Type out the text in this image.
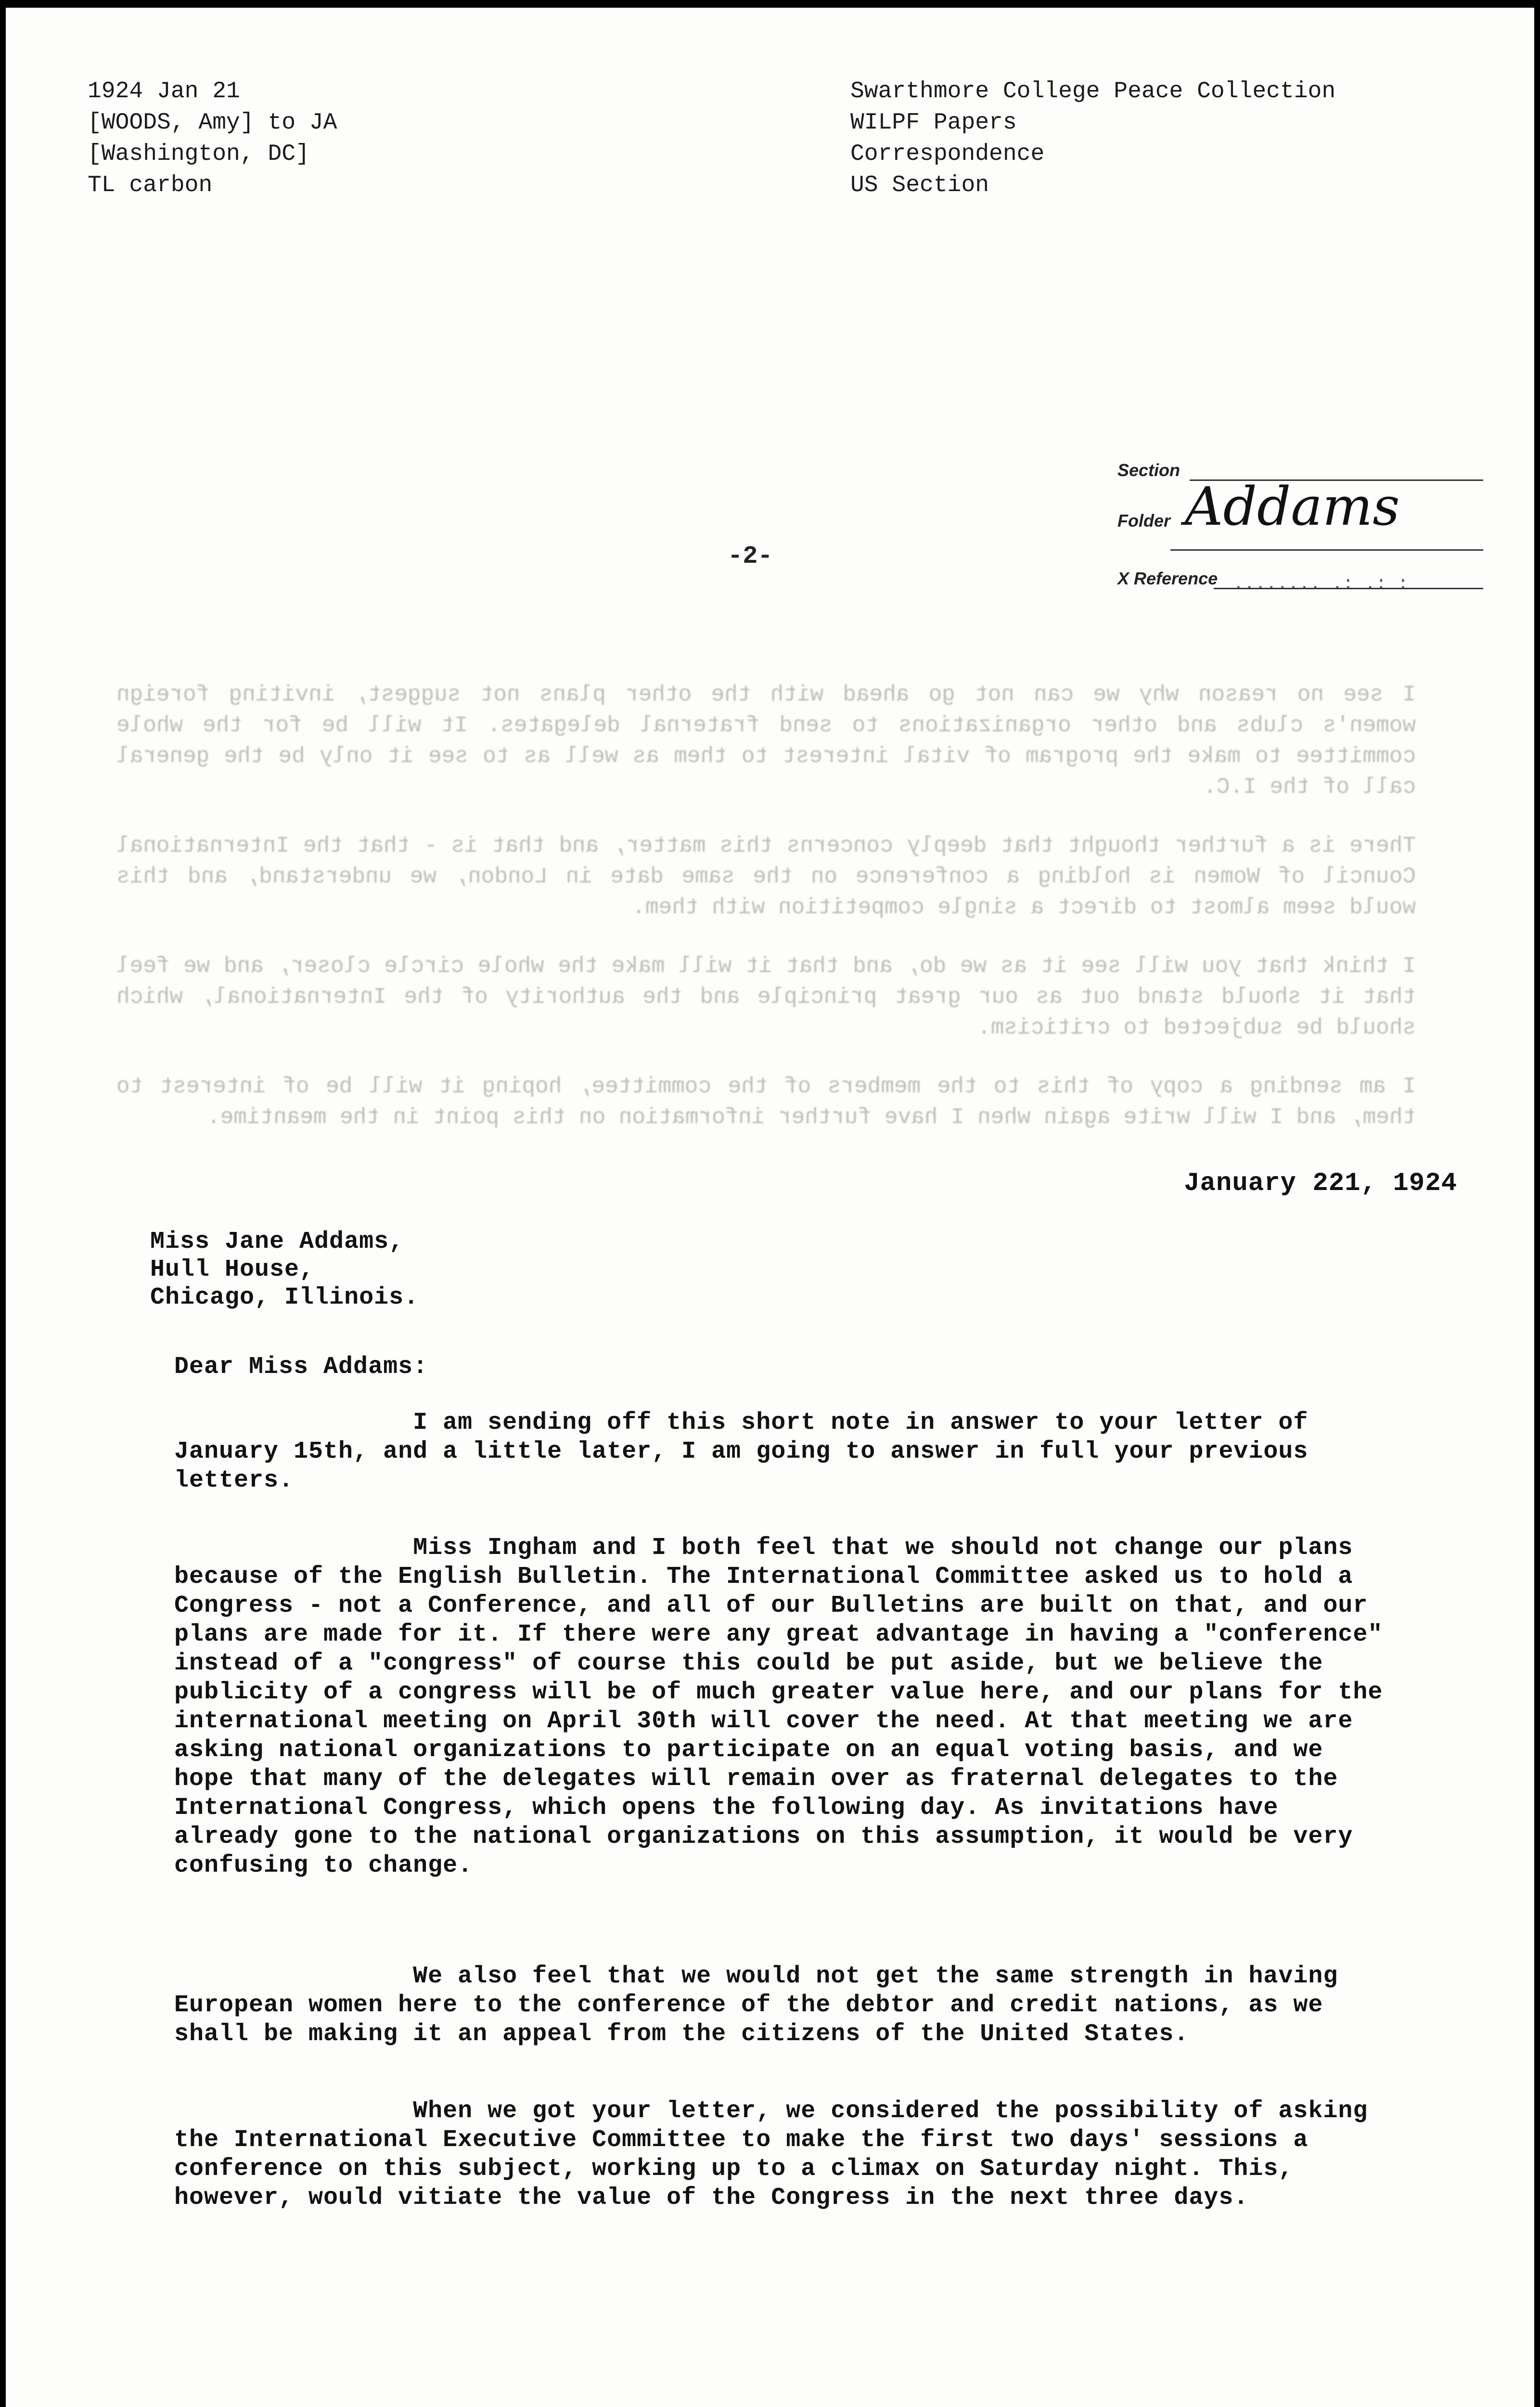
1924 Jan 21
[WOODS, Amy] to JA
[Washington, DC]
TL carbon
Swarthmore College Peace Collection
WILPF Papers
Correspondence
US Section

I see no reason why we can not go ahead with the other plans not suggest, inviting foreign women's clubs and other organizations to send fraternal delegates. It will be for the whole committee to make the program of vital interest to them as well as to see it only be the general call of the I.C.

There is a further thought that deeply concerns this matter, and that is - that the International Council of Women is holding a conference on the same date in London, we understand, and this would seem almost to direct a single competition with them.

I think that you will see it as we do, and that it will make the whole circle closer, and we feel that it should stand out as our great principle and the authority of the International, which should be subjected to criticism.

I am sending a copy of this to the members of the committee, hoping it will be of interest to them, and I will write again when I have further information on this point in the meantime.

Section
Folder Addams
X Reference ........ .: .: :
-2-
January 221, 1924
Miss Jane Addams,
Hull House,
Chicago, Illinois.
Dear Miss Addams:
I am sending off this short note in answer to your letter of January 15th, and a little later, I am going to answer in full your previous letters.
Miss Ingham and I both feel that we should not change our plans because of the English Bulletin. The International Committee asked us to hold a Congress - not a Conference, and all of our Bulletins are built on that, and our plans are made for it. If there were any great advantage in having a "conference" instead of a "congress" of course this could be put aside, but we believe the publicity of a congress will be of much greater value here, and our plans for the international meeting on April 30th will cover the need. At that meeting we are asking national organizations to participate on an equal voting basis, and we hope that many of the delegates will remain over as fraternal delegates to the International Congress, which opens the following day. As invitations have already gone to the national organizations on this assumption, it would be very confusing to change.
We also feel that we would not get the same strength in having European women here to the conference of the debtor and credit nations, as we shall be making it an appeal from the citizens of the United States.
When we got your letter, we considered the possibility of asking the International Executive Committee to make the first two days' sessions a conference on this subject, working up to a climax on Saturday night. This, however, would vitiate the value of the Congress in the next three days.
